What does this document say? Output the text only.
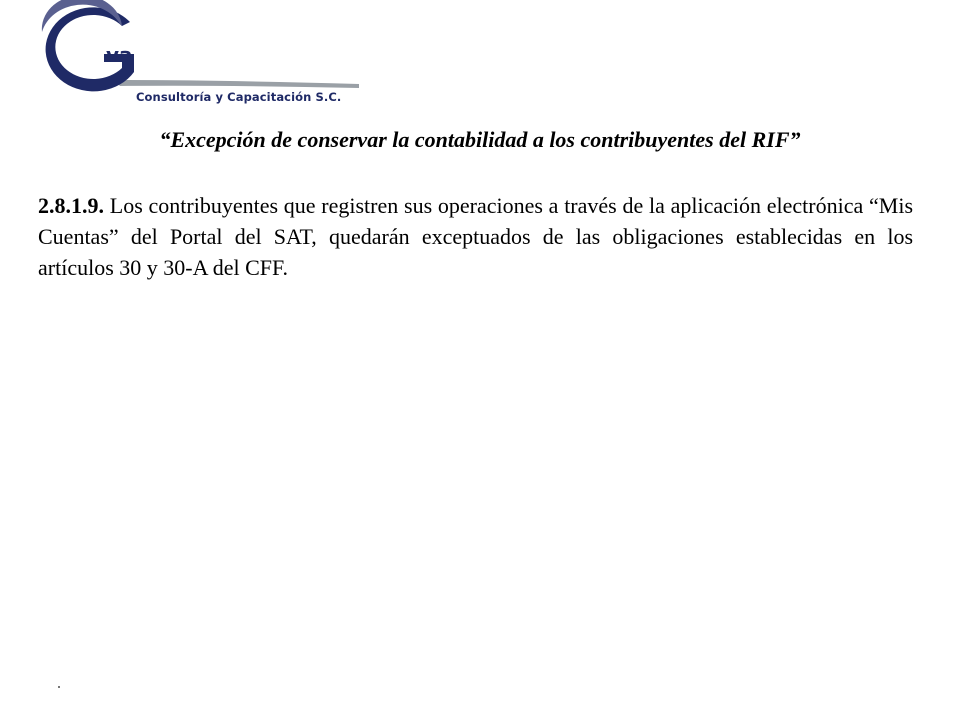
va
Consultoría y Capacitación S.C.
“Excepción de conservar la contabilidad a los contribuyentes del RIF”
2.8.1.9. Los contribuyentes que registren sus operaciones a través de la aplicación electrónica “Mis Cuentas” del Portal del SAT, quedarán exceptuados de las obligaciones establecidas en los artículos 30 y 30-A del CFF.
